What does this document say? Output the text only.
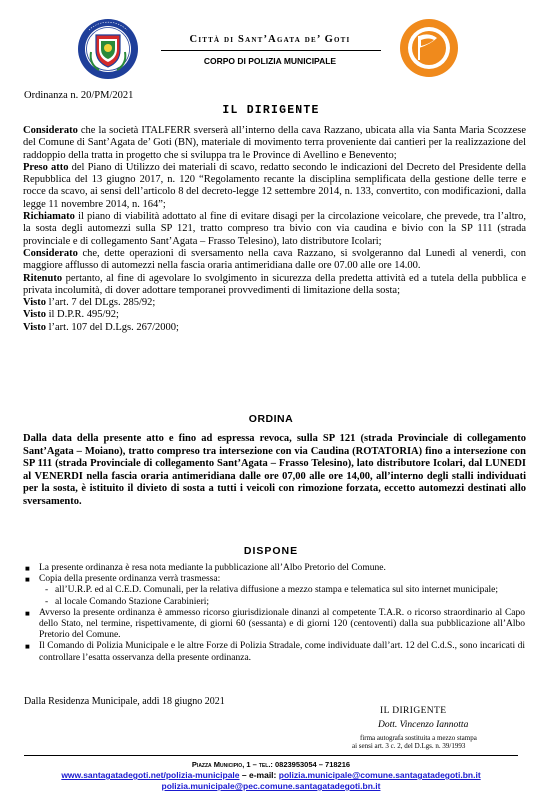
Città di Sant’Agata de’ Goti
CORPO DI POLIZIA MUNICIPALE
Ordinanza n. 20/PM/2021
IL DIRIGENTE

Considerato che la società ITALFERR sverserà all’interno della cava Razzano, ubicata alla via Santa Maria Scozzese del Comune di Sant’Agata de’ Goti (BN), materiale di movimento terra proveniente dai cantieri per la realizzazione del raddoppio della tratta in progetto che si sviluppa tra le Province di Avellino e Benevento;

Preso atto del Piano di Utilizzo dei materiali di scavo, redatto secondo le indicazioni del Decreto del Presidente della Repubblica del 13 giugno 2017, n. 120 “Regolamento recante la disciplina semplificata della gestione delle terre e rocce da scavo, ai sensi dell’articolo 8 del decreto-legge 12 settembre 2014, n. 133, convertito, con modificazioni, dalla legge 11 novembre 2014, n. 164”;

Richiamato il piano di viabilità adottato al fine di evitare disagi per la circolazione veicolare, che prevede, tra l’altro, la sosta degli automezzi sulla SP 121, tratto compreso tra bivio con via caudina e bivio con la SP 111 (strada provinciale e di collegamento Sant’Agata – Frasso Telesino), lato distributore Icolari;

Considerato che, dette operazioni di sversamento nella cava Razzano, si svolgeranno dal Lunedì al venerdì, con maggiore afflusso di automezzi nella fascia oraria antimeridiana dalle ore 07.00 alle ore 14.00.

Ritenuto pertanto, al fine di agevolare lo svolgimento in sicurezza della predetta attività ed a tutela della pubblica e privata incolumità, di dover adottare temporanei provvedimenti di limitazione della sosta;

Visto l’art. 7 del DLgs. 285/92;

Visto il D.P.R. 495/92;

Visto l’art. 107 del D.Lgs. 267/2000;

ORDINA
Dalla data della presente atto e fino ad espressa revoca, sulla SP 121 (strada Provinciale di collegamento Sant’Agata – Moiano), tratto compreso tra intersezione con via Caudina (ROTATORIA) fino a intersezione con SP 111 (strada Provinciale di collegamento Sant’Agata – Frasso Telesino), lato distributore Icolari, dal LUNEDI al VENERDI nella fascia oraria antimeridiana dalle ore 07,00 alle ore 14,00, all’interno degli stalli individuati per la sosta, è istituito il divieto di sosta a tutti i veicoli con rimozione forzata, eccetto automezzi destinati allo sversamento.
DISPONE
■ La presente ordinanza è resa nota mediante la pubblicazione all’Albo Pretorio del Comune.
■ Copia della presente ordinanza verrà trasmessa:
- all’U.R.P. ed al C.E.D. Comunali, per la relativa diffusione a mezzo stampa e telematica sul sito internet municipale;
- al locale Comando Stazione Carabinieri;
■ Avverso la presente ordinanza è ammesso ricorso giurisdizionale dinanzi al competente T.A.R. o ricorso straordinario al Capo dello Stato, nel termine, rispettivamente, di giorni 60 (sessanta) e di giorni 120 (centoventi) dalla sua pubblicazione all’Albo Pretorio del Comune.
■ Il Comando di Polizia Municipale e le altre Forze di Polizia Stradale, come individuate dall’art. 12 del C.d.S., sono incaricati di controllare l’esatta osservanza della presente ordinanza.
Dalla Residenza Municipale, addì 18 giugno 2021
IL DIRIGENTE
Dott. Vincenzo Iannotta
firma autografa sostituita a mezzo stampa
ai sensi art. 3 c. 2, del D.Lgs. n. 39/1993
Piazza Municipio, 1 – tel.: 0823953054 – 718216
www.santagatadegoti.net/polizia-municipale – e-mail: polizia.municipale@comune.santagatadegoti.bn.it
polizia.municipale@pec.comune.santagatadegoti.bn.it
